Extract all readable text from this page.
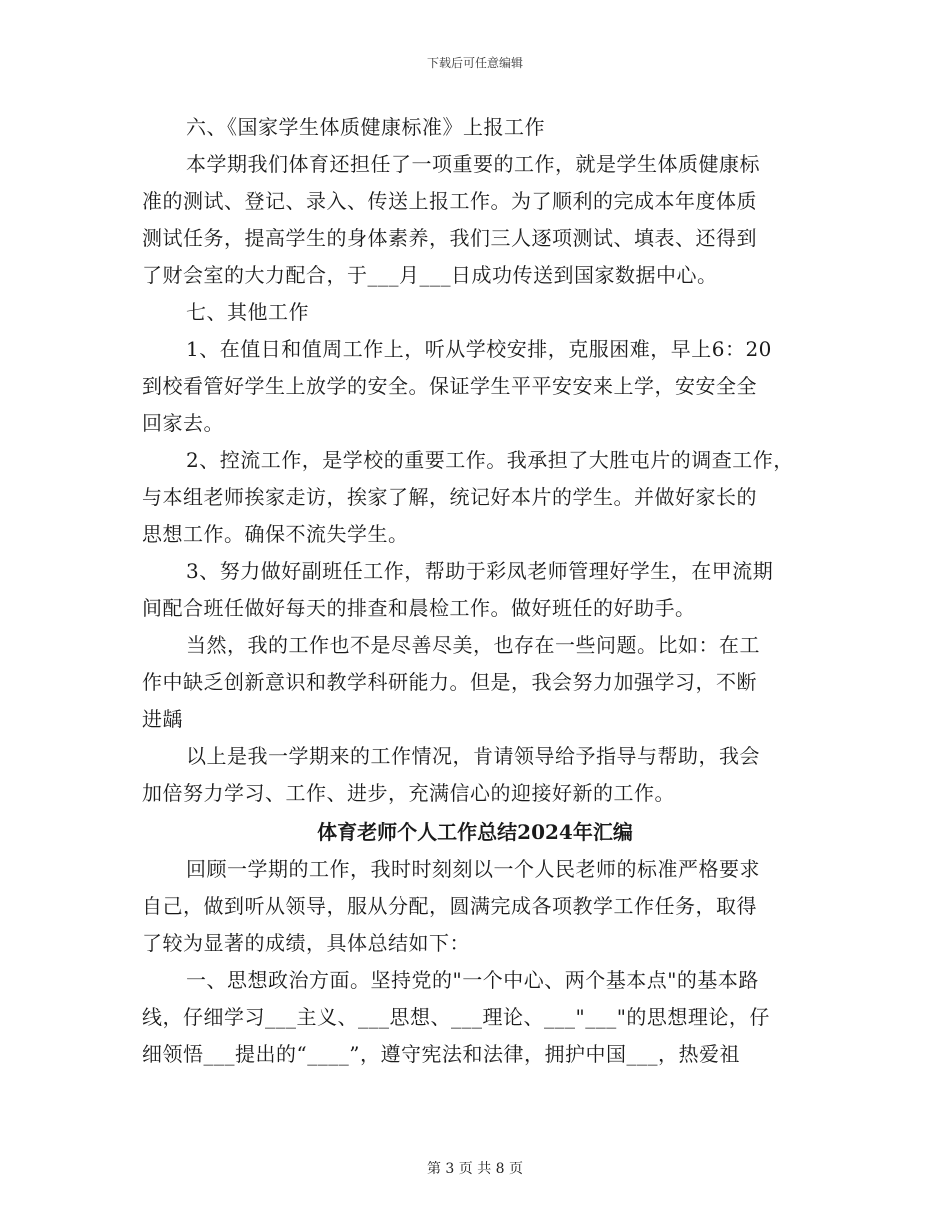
下载后可任意编辑
六、《国家学生体质健康标准》上报工作
本学期我们体育还担任了一项重要的工作，就是学生体质健康标
准的测试、登记、录入、传送上报工作。为了顺利的完成本年度体质
测试任务，提高学生的身体素养，我们三人逐项测试、填表、还得到
了财会室的大力配合，于___月___日成功传送到国家数据中心。
七、其他工作
1、在值日和值周工作上，听从学校安排，克服困难，早上6：20
到校看管好学生上放学的安全。保证学生平平安安来上学，安安全全
回家去。
2、控流工作，是学校的重要工作。我承担了大胜屯片的调查工作，
与本组老师挨家走访，挨家了解，统记好本片的学生。并做好家长的
思想工作。确保不流失学生。
3、努力做好副班任工作，帮助于彩凤老师管理好学生，在甲流期
间配合班任做好每天的排查和晨检工作。做好班任的好助手。
当然，我的工作也不是尽善尽美，也存在一些问题。比如：在工
作中缺乏创新意识和教学科研能力。但是，我会努力加强学习，不断
进龋
以上是我一学期来的工作情况，肯请领导给予指导与帮助，我会
加倍努力学习、工作、进步，充满信心的迎接好新的工作。
体育老师个人工作总结2024年汇编
回顾一学期的工作，我时时刻刻以一个人民老师的标准严格要求
自己，做到听从领导，服从分配，圆满完成各项教学工作任务，取得
了较为显著的成绩，具体总结如下：
一、思想政治方面。坚持党的"一个中心、两个基本点"的基本路
线，仔细学习___主义、___思想、___理论、___"___"的思想理论，仔
细领悟___提出的“____”，遵守宪法和法律，拥护中国___，热爱祖
第 3 页 共 8 页
